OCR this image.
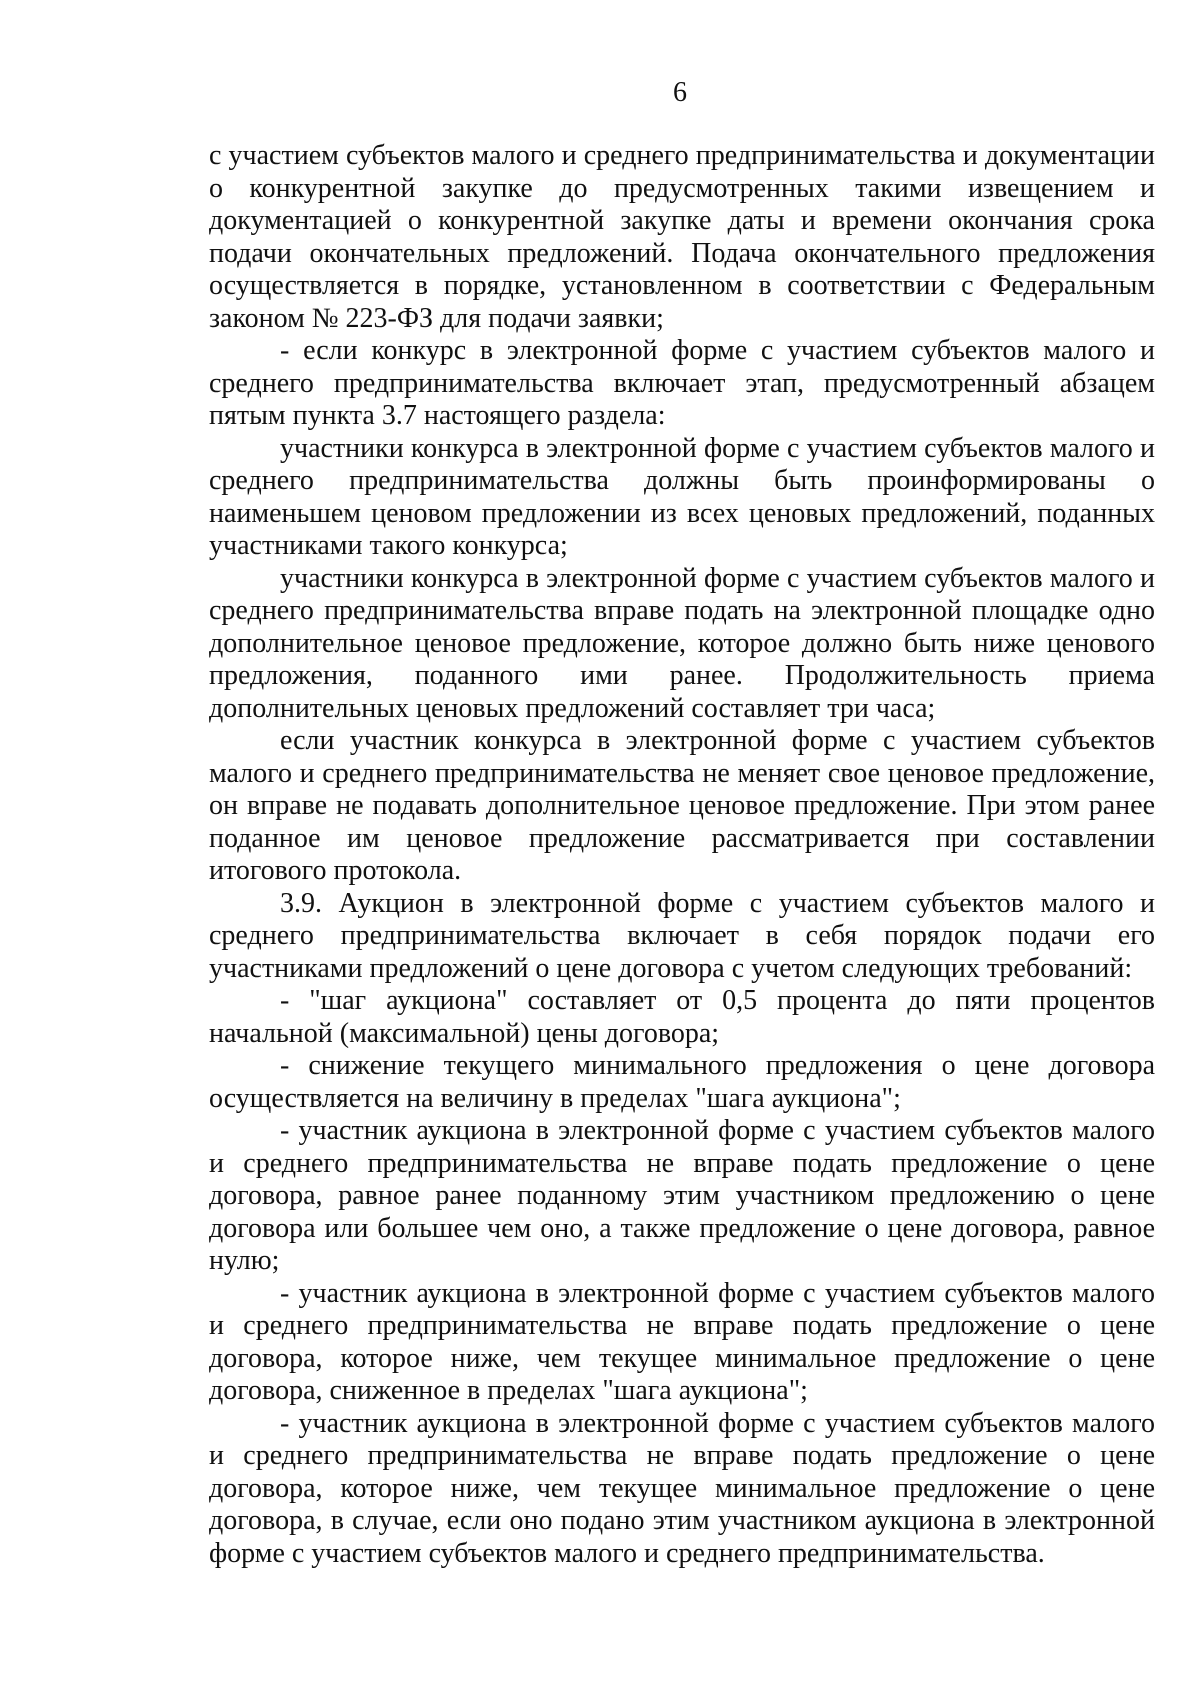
6

с участием субъектов малого и среднего предпринимательства и документации о конкурентной закупке до предусмотренных такими извещением и документацией о конкурентной закупке даты и времени окончания срока подачи окончательных предложений. Подача окончательного предложения осуществляется в порядке, установленном в соответствии с Федеральным законом № 223-ФЗ для подачи заявки;

- если конкурс в электронной форме с участием субъектов малого и среднего предпринимательства включает этап, предусмотренный абзацем пятым пункта 3.7 настоящего раздела:

участники конкурса в электронной форме с участием субъектов малого и среднего предпринимательства должны быть проинформированы о наименьшем ценовом предложении из всех ценовых предложений, поданных участниками такого конкурса;

участники конкурса в электронной форме с участием субъектов малого и среднего предпринимательства вправе подать на электронной площадке одно дополнительное ценовое предложение, которое должно быть ниже ценового предложения, поданного ими ранее. Продолжительность приема дополнительных ценовых предложений составляет три часа;

если участник конкурса в электронной форме с участием субъектов малого и среднего предпринимательства не меняет свое ценовое предложение, он вправе не подавать дополнительное ценовое предложение. При этом ранее поданное им ценовое предложение рассматривается при составлении итогового протокола.

3.9. Аукцион в электронной форме с участием субъектов малого и среднего предпринимательства включает в себя порядок подачи его участниками предложений о цене договора с учетом следующих требований:

- "шаг аукциона" составляет от 0,5 процента до пяти процентов начальной (максимальной) цены договора;

- снижение текущего минимального предложения о цене договора осуществляется на величину в пределах "шага аукциона";

- участник аукциона в электронной форме с участием субъектов малого и среднего предпринимательства не вправе подать предложение о цене договора, равное ранее поданному этим участником предложению о цене договора или большее чем оно, а также предложение о цене договора, равное нулю;

- участник аукциона в электронной форме с участием субъектов малого и среднего предпринимательства не вправе подать предложение о цене договора, которое ниже, чем текущее минимальное предложение о цене договора, сниженное в пределах "шага аукциона";

- участник аукциона в электронной форме с участием субъектов малого и среднего предпринимательства не вправе подать предложение о цене договора, которое ниже, чем текущее минимальное предложение о цене договора, в случае, если оно подано этим участником аукциона в электронной форме с участием субъектов малого и среднего предпринимательства.
